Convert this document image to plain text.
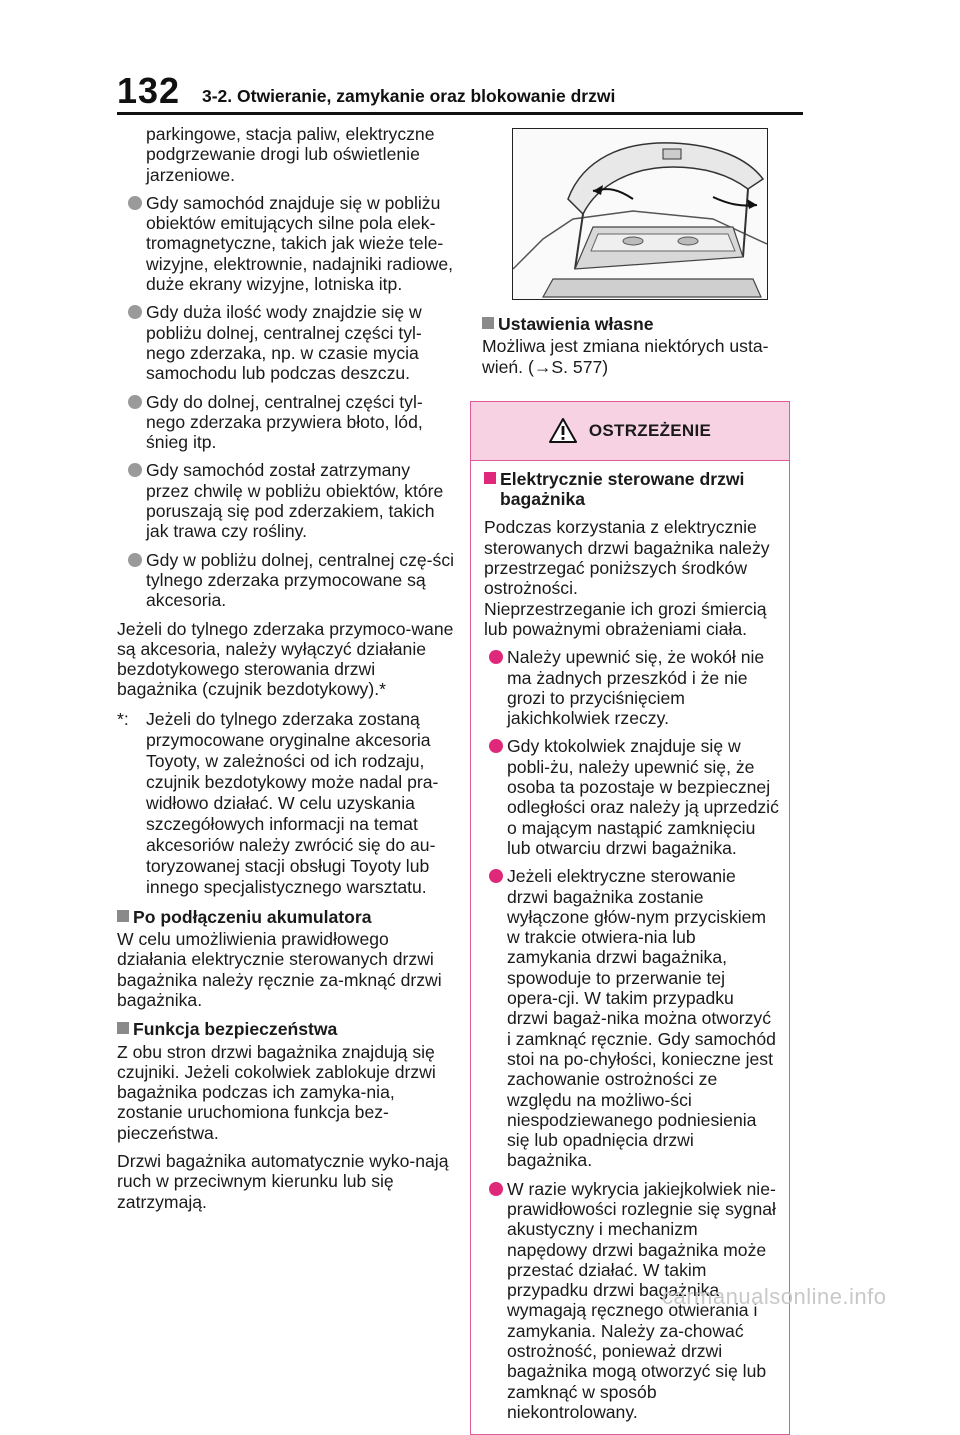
132 3-2. Otwieranie, zamykanie oraz blokowanie drzwi

parkingowe, stacja paliw, elektryczne podgrzewanie drogi lub oświetlenie jarzeniowe.

Gdy samochód znajduje się w pobliżu obiektów emitujących silne pola elek-tromagnetyczne, takich jak wieże tele-wizyjne, elektrownie, nadajniki radiowe, duże ekrany wizyjne, lotniska itp.
Gdy duża ilość wody znajdzie się w pobliżu dolnej, centralnej części tyl-nego zderzaka, np. w czasie mycia samochodu lub podczas deszczu.
Gdy do dolnej, centralnej części tyl-nego zderzaka przywiera błoto, lód, śnieg itp.
Gdy samochód został zatrzymany przez chwilę w pobliżu obiektów, które poruszają się pod zderzakiem, takich jak trawa czy rośliny.
Gdy w pobliżu dolnej, centralnej czę-ści tylnego zderzaka przymocowane są akcesoria.

Jeżeli do tylnego zderzaka przymoco-wane są akcesoria, należy wyłączyć działanie bezdotykowego sterowania drzwi bagażnika (czujnik bezdotykowy).*

*: Jeżeli do tylnego zderzaka zostaną przymocowane oryginalne akcesoria Toyoty, w zależności od ich rodzaju, czujnik bezdotykowy może nadal pra-widłowo działać. W celu uzyskania szczegółowych informacji na temat akcesoriów należy zwrócić się do au-toryzowanej stacji obsługi Toyoty lub innego specjalistycznego warsztatu.
Po podłączeniu akumulatora

W celu umożliwienia prawidłowego działania elektrycznie sterowanych drzwi bagażnika należy ręcznie za-mknąć drzwi bagażnika.

Funkcja bezpieczeństwa

Z obu stron drzwi bagażnika znajdują się czujniki. Jeżeli cokolwiek zablokuje drzwi bagażnika podczas ich zamyka-nia, zostanie uruchomiona funkcja bez-pieczeństwa.

Drzwi bagażnika automatycznie wyko-nają ruch w przeciwnym kierunku lub się zatrzymają.

Ustawienia własne

Możliwa jest zmiana niektórych usta-wień. (→S. 577)

OSTRZEŻENIE
Elektrycznie sterowane drzwi bagażnika

Podczas korzystania z elektrycznie sterowanych drzwi bagażnika należy przestrzegać poniższych środków ostrożności.

Nieprzestrzeganie ich grozi śmiercią lub poważnymi obrażeniami ciała.

Należy upewnić się, że wokół nie ma żadnych przeszkód i że nie grozi to przyciśnięciem jakichkolwiek rzeczy.
Gdy ktokolwiek znajduje się w pobli-żu, należy upewnić się, że osoba ta pozostaje w bezpiecznej odległości oraz należy ją uprzedzić o mającym nastąpić zamknięciu lub otwarciu drzwi bagażnika.
Jeżeli elektryczne sterowanie drzwi bagażnika zostanie wyłączone głów-nym przyciskiem w trakcie otwiera-nia lub zamykania drzwi bagażnika, spowoduje to przerwanie tej opera-cji. W takim przypadku drzwi bagaż-nika można otworzyć i zamknąć ręcznie. Gdy samochód stoi na po-chyłości, konieczne jest zachowanie ostrożności ze względu na możliwo-ści niespodziewanego podniesienia się lub opadnięcia drzwi bagażnika.
W razie wykrycia jakiejkolwiek nie-prawidłowości rozlegnie się sygnał akustyczny i mechanizm napędowy drzwi bagażnika może przestać działać. W takim przypadku drzwi bagażnika wymagają ręcznego otwierania i zamykania. Należy za-chować ostrożność, ponieważ drzwi bagażnika mogą otworzyć się lub zamknąć w sposób niekontrolowany.
carmanualsonline.info
